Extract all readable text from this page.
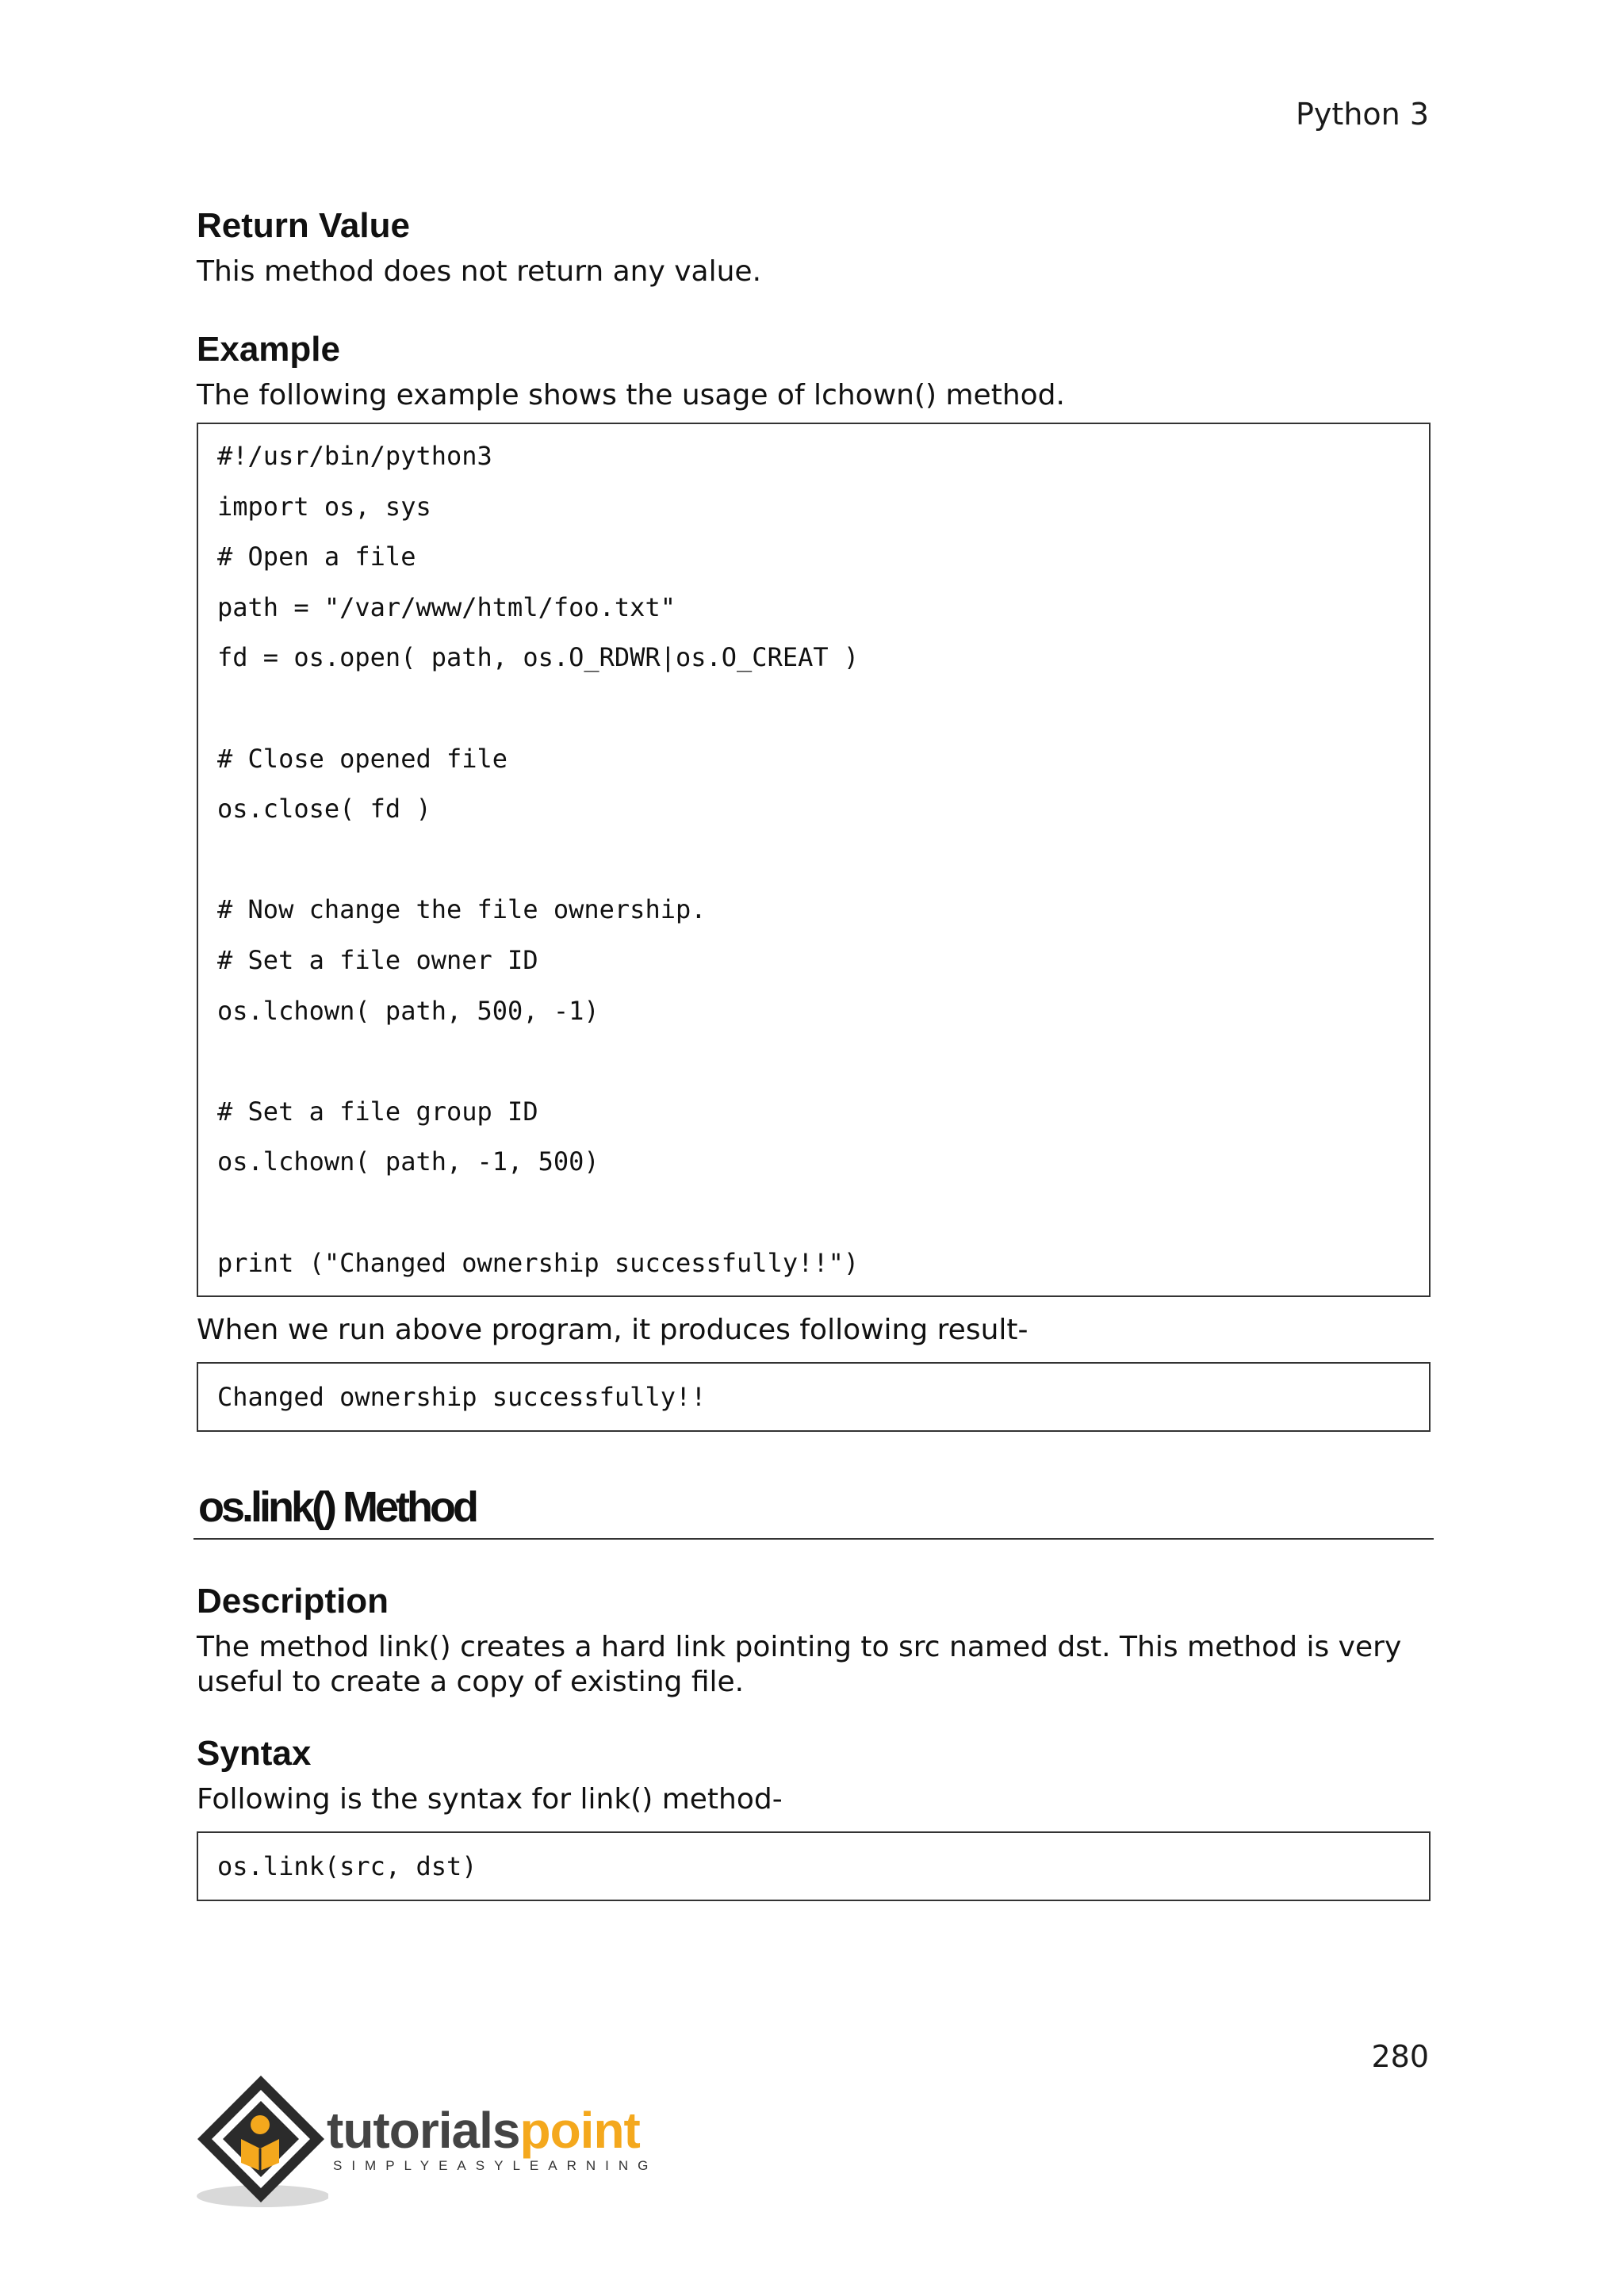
Python 3
Return Value

This method does not return any value.

Example

The following example shows the usage of lchown() method.

#!/usr/bin/python3
import os, sys
# Open a file
path = "/var/www/html/foo.txt"
fd = os.open( path, os.O_RDWR|os.O_CREAT )
# Close opened file
os.close( fd )
# Now change the file ownership.
# Set a file owner ID
os.lchown( path, 500, -1)
# Set a file group ID
os.lchown( path, -1, 500)
print ("Changed ownership successfully!!")

When we run above program, it produces following result-

Changed ownership successfully!!
os.link() Method
Description

The method link() creates a hard link pointing to src named dst. This method is very useful to create a copy of existing file.

Syntax

Following is the syntax for link() method-

os.link(src, dst)
280
tutorialspoint
SIMPLYEASYLEARNING
